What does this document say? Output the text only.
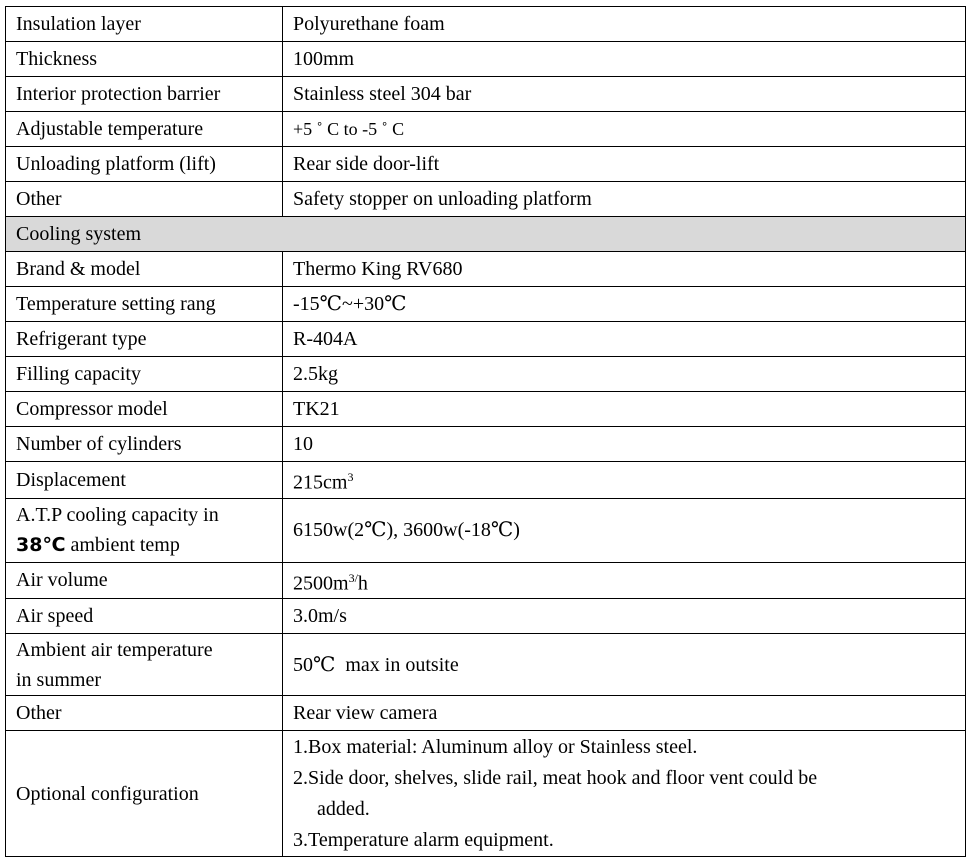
Insulation layer	Polyurethane foam
Thickness	100mm
Interior protection barrier	Stainless steel 304 bar
Adjustable temperature	+5 ˚ C to -5 ˚ C
Unloading platform (lift)	Rear side door-lift
Other	Safety stopper on unloading platform
Cooling system	
Brand & model	Thermo King RV680
Temperature setting rang	-15℃~+30℃
Refrigerant type	R-404A
Filling capacity	2.5kg
Compressor model	TK21
Number of cylinders	10
Displacement	$215cm^3$

A.T.P cooling capacity in
38℃ ambient temp	6150w(2℃), 3600w(-18℃)
Air volume	$2500m^{3/}h$
Air speed	3.0m/s

Ambient air temperature
in summer	50℃  max in outsite
Other	Rear view camera
Optional configuration	1.Box material: Aluminum alloy or Stainless steel.
2.Side door, shelves, slide rail, meat hook and floor vent could be
added.
3.Temperature alarm equipment.
